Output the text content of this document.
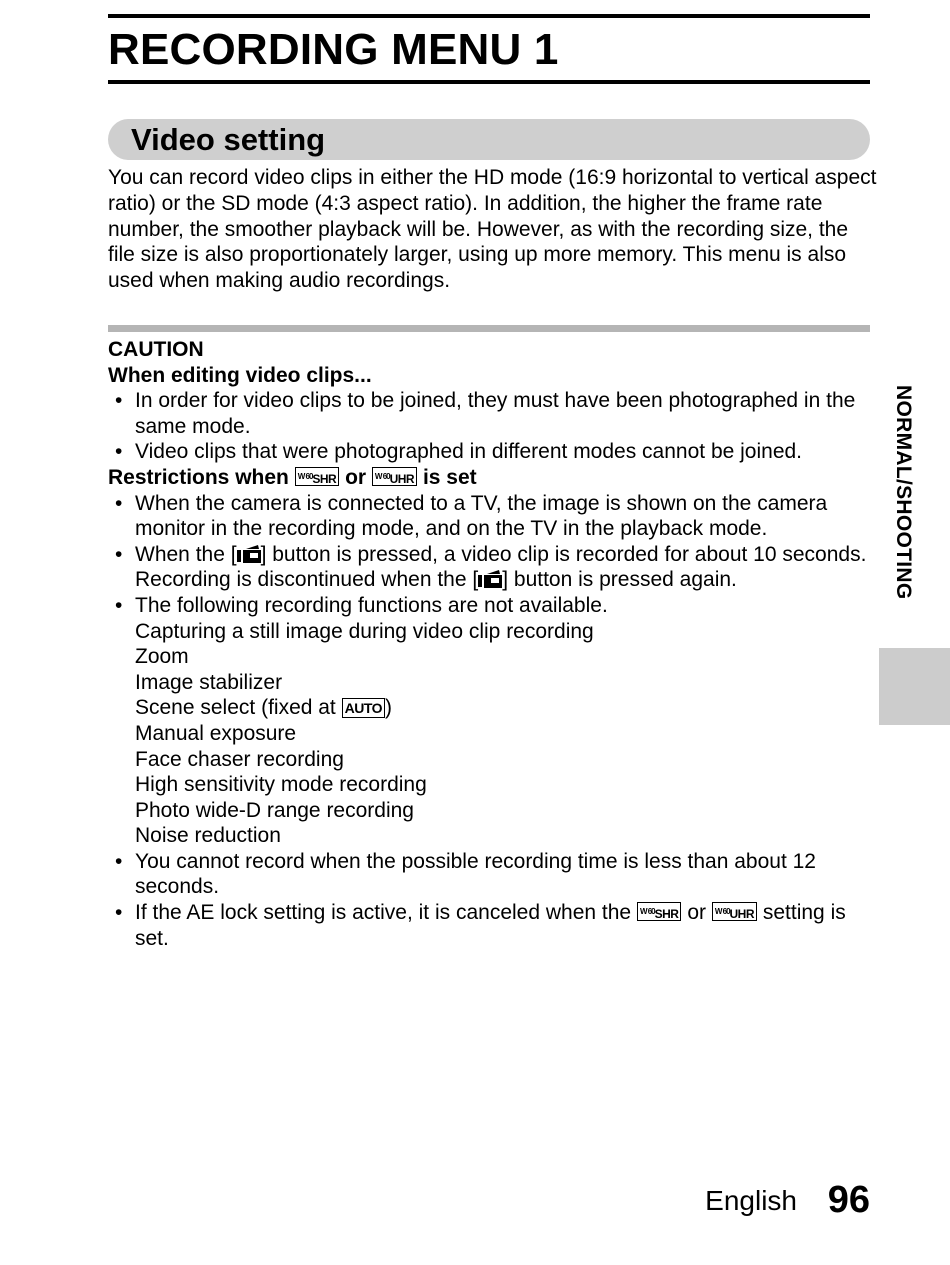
RECORDING MENU 1
Video setting

You can record video clips in either the HD mode (16:9 horizontal to vertical aspect ratio) or the SD mode (4:3 aspect ratio). In addition, the higher the frame rate number, the smoother playback will be. However, as with the recording size, the file size is also proportionately larger, using up more memory. This menu is also used when making audio recordings.

CAUTION
When editing video clips...
• In order for video clips to be joined, they must have been photographed in the same mode.
• Video clips that were photographed in different modes cannot be joined.
Restrictions when $^{W 60}$SHR or $^{W 60}$UHR is set
• When the camera is connected to a TV, the image is shown on the camera monitor in the recording mode, and on the TV in the playback mode.
• When the [ ] button is pressed, a video clip is recorded for about 10 seconds. Recording is discontinued when the [ ] button is pressed again.
• The following recording functions are not available.
Capturing a still image during video clip recording
Zoom
Image stabilizer
Scene select (fixed at AUTO )
Manual exposure
Face chaser recording
High sensitivity mode recording
Photo wide-D range recording
Noise reduction
• You cannot record when the possible recording time is less than about 12 seconds.
• If the AE lock setting is active, it is canceled when the $^{W 60}$SHR or $^{W 60}$UHR setting is set.
NORMAL/SHOOTING
English 96
